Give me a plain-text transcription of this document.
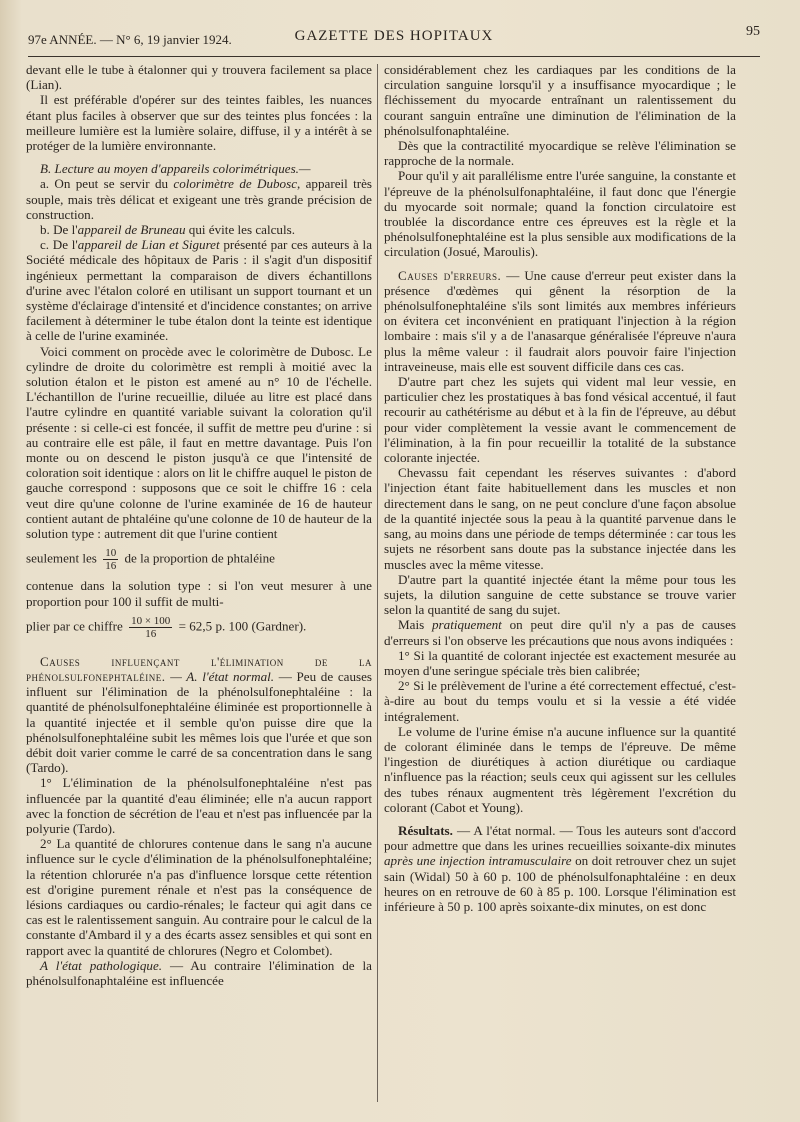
97e ANNÉE. — N° 6, 19 janvier 1924.	GAZETTE DES HOPITAUX	95

devant elle le tube à étalonner qui y trouvera facilement sa place (Lian).

Il est préférable d'opérer sur des teintes faibles, les nuances étant plus faciles à observer que sur des teintes plus foncées : la meilleure lumière est la lumière solaire, diffuse, il y a intérêt à se protéger de la lumière environnante.

B. Lecture au moyen d'appareils colorimétriques.—

a. On peut se servir du colorimètre de Dubosc, appareil très souple, mais très délicat et exigeant une très grande précision de construction.

b. De l'appareil de Bruneau qui évite les calculs.

c. De l'appareil de Lian et Siguret présenté par ces auteurs à la Société médicale des hôpitaux de Paris : il s'agit d'un dispositif ingénieux permettant la comparaison de divers échantillons d'urine avec l'étalon coloré en utilisant un support tournant et un système d'éclairage d'intensité et d'incidence constantes; on arrive facilement à déterminer le tube étalon dont la teinte est identique à celle de l'urine examinée.

Voici comment on procède avec le colorimètre de Dubosc. Le cylindre de droite du colorimètre est rempli à moitié avec la solution étalon et le piston est amené au n° 10 de l'échelle. L'échantillon de l'urine recueillie, diluée au litre est placé dans l'autre cylindre en quantité variable suivant la coloration qu'il présente : si celle-ci est foncée, il suffit de mettre peu d'urine : si au contraire elle est pâle, il faut en mettre davantage. Puis l'on monte ou on descend le piston jusqu'à ce que l'intensité de coloration soit identique : alors on lit le chiffre auquel le piston de gauche correspond : supposons que ce soit le chiffre 16 : cela veut dire qu'une colonne de l'urine examinée de 16 de hauteur contient autant de phtaléine qu'une colonne de 10 de hauteur de la solution type : autrement dit que l'urine contient

seulement les $\frac{10}{16}$ de la proportion de phtaléine

contenue dans la solution type : si l'on veut mesurer à une proportion pour 100 il suffit de multi-

plier par ce chiffre $\frac{10 \times 100}{16} = 62,5$ p. 100 (Gardner).

Causes influençant l'élimination de la phénolsulfonephtaléine. — A. l'état normal. — Peu de causes influent sur l'élimination de la phénolsulfonephtaléine : la quantité de phénolsulfonephtaléine éliminée est proportionnelle à la quantité injectée et il semble qu'on puisse dire que la phénolsulfonephtaléine subit les mêmes lois que l'urée et que son débit doit varier comme le carré de sa concentration dans le sang (Tardo).

1° L'élimination de la phénolsulfonephtaléine n'est pas influencée par la quantité d'eau éliminée; elle n'a aucun rapport avec la fonction de sécrétion de l'eau et n'est pas influencée par la polyurie (Tardo).

2° La quantité de chlorures contenue dans le sang n'a aucune influence sur le cycle d'élimination de la phénolsulfonephtaléine; la rétention chlorurée n'a pas d'influence lorsque cette rétention est d'origine purement rénale et n'est pas la conséquence de lésions cardiaques ou cardio-rénales; le facteur qui agit dans ce cas est le ralentissement sanguin. Au contraire pour le calcul de la constante d'Ambard il y a des écarts assez sensibles et qui sont en rapport avec la quantité de chlorures (Negro et Colombet).

A l'état pathologique. — Au contraire l'élimination de la phénolsulfonaphtaléine est influencée

considérablement chez les cardiaques par les conditions de la circulation sanguine lorsqu'il y a insuffisance myocardique ; le fléchissement du myocarde entraînant un ralentissement du courant sanguin entraîne une diminution de l'élimination de la phénolsulfonaphtaléine.

Dès que la contractilité myocardique se relève l'élimination se rapproche de la normale.

Pour qu'il y ait parallélisme entre l'urée sanguine, la constante et l'épreuve de la phénolsulfonaphtaléine, il faut donc que l'énergie du myocarde soit normale; quand la fonction circulatoire est troublée la discordance entre ces épreuves est la règle et la phénolsulfonephtaléine est la plus sensible aux modifications de la circulation (Josué, Maroulis).

Causes d'erreurs. — Une cause d'erreur peut exister dans la présence d'œdèmes qui gênent la résorption de la phénolsulfonephtaléine s'ils sont limités aux membres inférieurs on évitera cet inconvénient en pratiquant l'injection à la région lombaire : mais s'il y a de l'anasarque généralisée l'épreuve n'aura plus la même valeur : il faudrait alors pouvoir faire l'injection intraveineuse, mais elle est souvent difficile dans ces cas.

D'autre part chez les sujets qui vident mal leur vessie, en particulier chez les prostatiques à bas fond vésical accentué, il faut recourir au cathétérisme au début et à la fin de l'épreuve, au début pour vider complètement la vessie avant le commencement de l'élimination, à la fin pour recueillir la totalité de la substance colorante injectée.

Chevassu fait cependant les réserves suivantes : d'abord l'injection étant faite habituellement dans les muscles et non directement dans le sang, on ne peut conclure d'une façon absolue de la quantité injectée sous la peau à la quantité parvenue dans le sang, au moins dans une période de temps déterminée : car tous les sujets ne résorbent sans doute pas la substance injectée dans les muscles avec la même vitesse.

D'autre part la quantité injectée étant la même pour tous les sujets, la dilution sanguine de cette substance se trouve varier selon la quantité de sang du sujet.

Mais pratiquement on peut dire qu'il n'y a pas de causes d'erreurs si l'on observe les précautions que nous avons indiquées :

1° Si la quantité de colorant injectée est exactement mesurée au moyen d'une seringue spéciale très bien calibrée;

2° Si le prélèvement de l'urine a été correctement effectué, c'est-à-dire au bout du temps voulu et si la vessie a été vidée intégralement.

Le volume de l'urine émise n'a aucune influence sur la quantité de colorant éliminée dans le temps de l'épreuve. De même l'ingestion de diurétiques à action diurétique ou cardiaque n'influence pas la réaction; seuls ceux qui agissent sur les cellules des tubes rénaux augmentent très légèrement l'excrétion du colorant (Cabot et Young).

Résultats. — A l'état normal. — Tous les auteurs sont d'accord pour admettre que dans les urines recueillies soixante-dix minutes après une injection intramusculaire on doit retrouver chez un sujet sain (Widal) 50 à 60 p. 100 de phénolsulfonaphtaléine : en deux heures on en retrouve de 60 à 85 p. 100. Lorsque l'élimination est inférieure à 50 p. 100 après soixante-dix minutes, on est donc
